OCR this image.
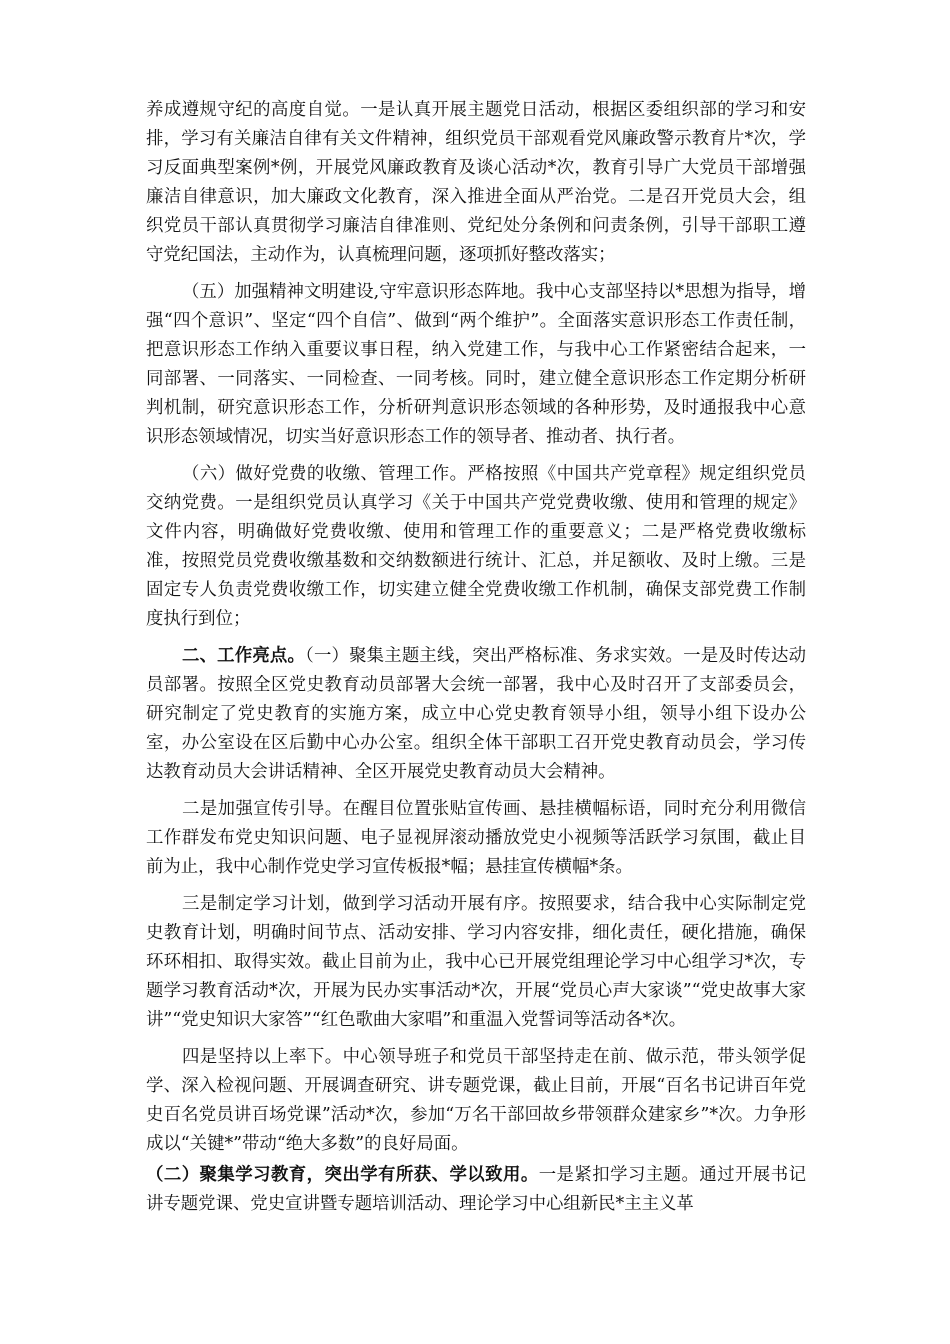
养成遵规守纪的高度自觉。一是认真开展主题党日活动，根据区委组织部的学习和安排，学习有关廉洁自律有关文件精神，组织党员干部观看党风廉政警示教育片*次，学习反面典型案例*例，开展党风廉政教育及谈心活动*次，教育引导广大党员干部增强廉洁自律意识，加大廉政文化教育，深入推进全面从严治党。二是召开党员大会，组织党员干部认真贯彻学习廉洁自律准则、党纪处分条例和问责条例，引导干部职工遵守党纪国法，主动作为，认真梳理问题，逐项抓好整改落实；

（五）加强精神文明建设,守牢意识形态阵地。我中心支部坚持以*思想为指导，增强“四个意识”、坚定“四个自信”、做到“两个维护”。全面落实意识形态工作责任制，把意识形态工作纳入重要议事日程，纳入党建工作，与我中心工作紧密结合起来，一同部署、一同落实、一同检查、一同考核。同时，建立健全意识形态工作定期分析研判机制，研究意识形态工作，分析研判意识形态领域的各种形势，及时通报我中心意识形态领域情况，切实当好意识形态工作的领导者、推动者、执行者。

（六）做好党费的收缴、管理工作。严格按照《中国共产党章程》规定组织党员交纳党费。一是组织党员认真学习《关于中国共产党党费收缴、使用和管理的规定》文件内容，明确做好党费收缴、使用和管理工作的重要意义；二是严格党费收缴标准，按照党员党费收缴基数和交纳数额进行统计、汇总，并足额收、及时上缴。三是固定专人负责党费收缴工作，切实建立健全党费收缴工作机制，确保支部党费工作制度执行到位；

二、工作亮点。（一）聚集主题主线，突出严格标准、务求实效。一是及时传达动员部署。按照全区党史教育动员部署大会统一部署，我中心及时召开了支部委员会，研究制定了党史教育的实施方案，成立中心党史教育领导小组，领导小组下设办公室，办公室设在区后勤中心办公室。组织全体干部职工召开党史教育动员会，学习传达教育动员大会讲话精神、全区开展党史教育动员大会精神。

二是加强宣传引导。在醒目位置张贴宣传画、悬挂横幅标语，同时充分利用微信工作群发布党史知识问题、电子显视屏滚动播放党史小视频等活跃学习氛围，截止目前为止，我中心制作党史学习宣传板报*幅；悬挂宣传横幅*条。

三是制定学习计划，做到学习活动开展有序。按照要求，结合我中心实际制定党史教育计划，明确时间节点、活动安排、学习内容安排，细化责任，硬化措施，确保环环相扣、取得实效。截止目前为止，我中心已开展党组理论学习中心组学习*次，专题学习教育活动*次，开展为民办实事活动*次，开展“党员心声大家谈”“党史故事大家讲”“党史知识大家答”“红色歌曲大家唱”和重温入党誓词等活动各*次。

四是坚持以上率下。中心领导班子和党员干部坚持走在前、做示范，带头领学促学、深入检视问题、开展调查研究、讲专题党课，截止目前，开展“百名书记讲百年党史百名党员讲百场党课”活动*次，参加“万名干部回故乡带领群众建家乡”*次。力争形成以“关键*”带动“绝大多数”的良好局面。

（二）聚集学习教育，突出学有所获、学以致用。一是紧扣学习主题。通过开展书记讲专题党课、党史宣讲暨专题培训活动、理论学习中心组新民*主主义革
